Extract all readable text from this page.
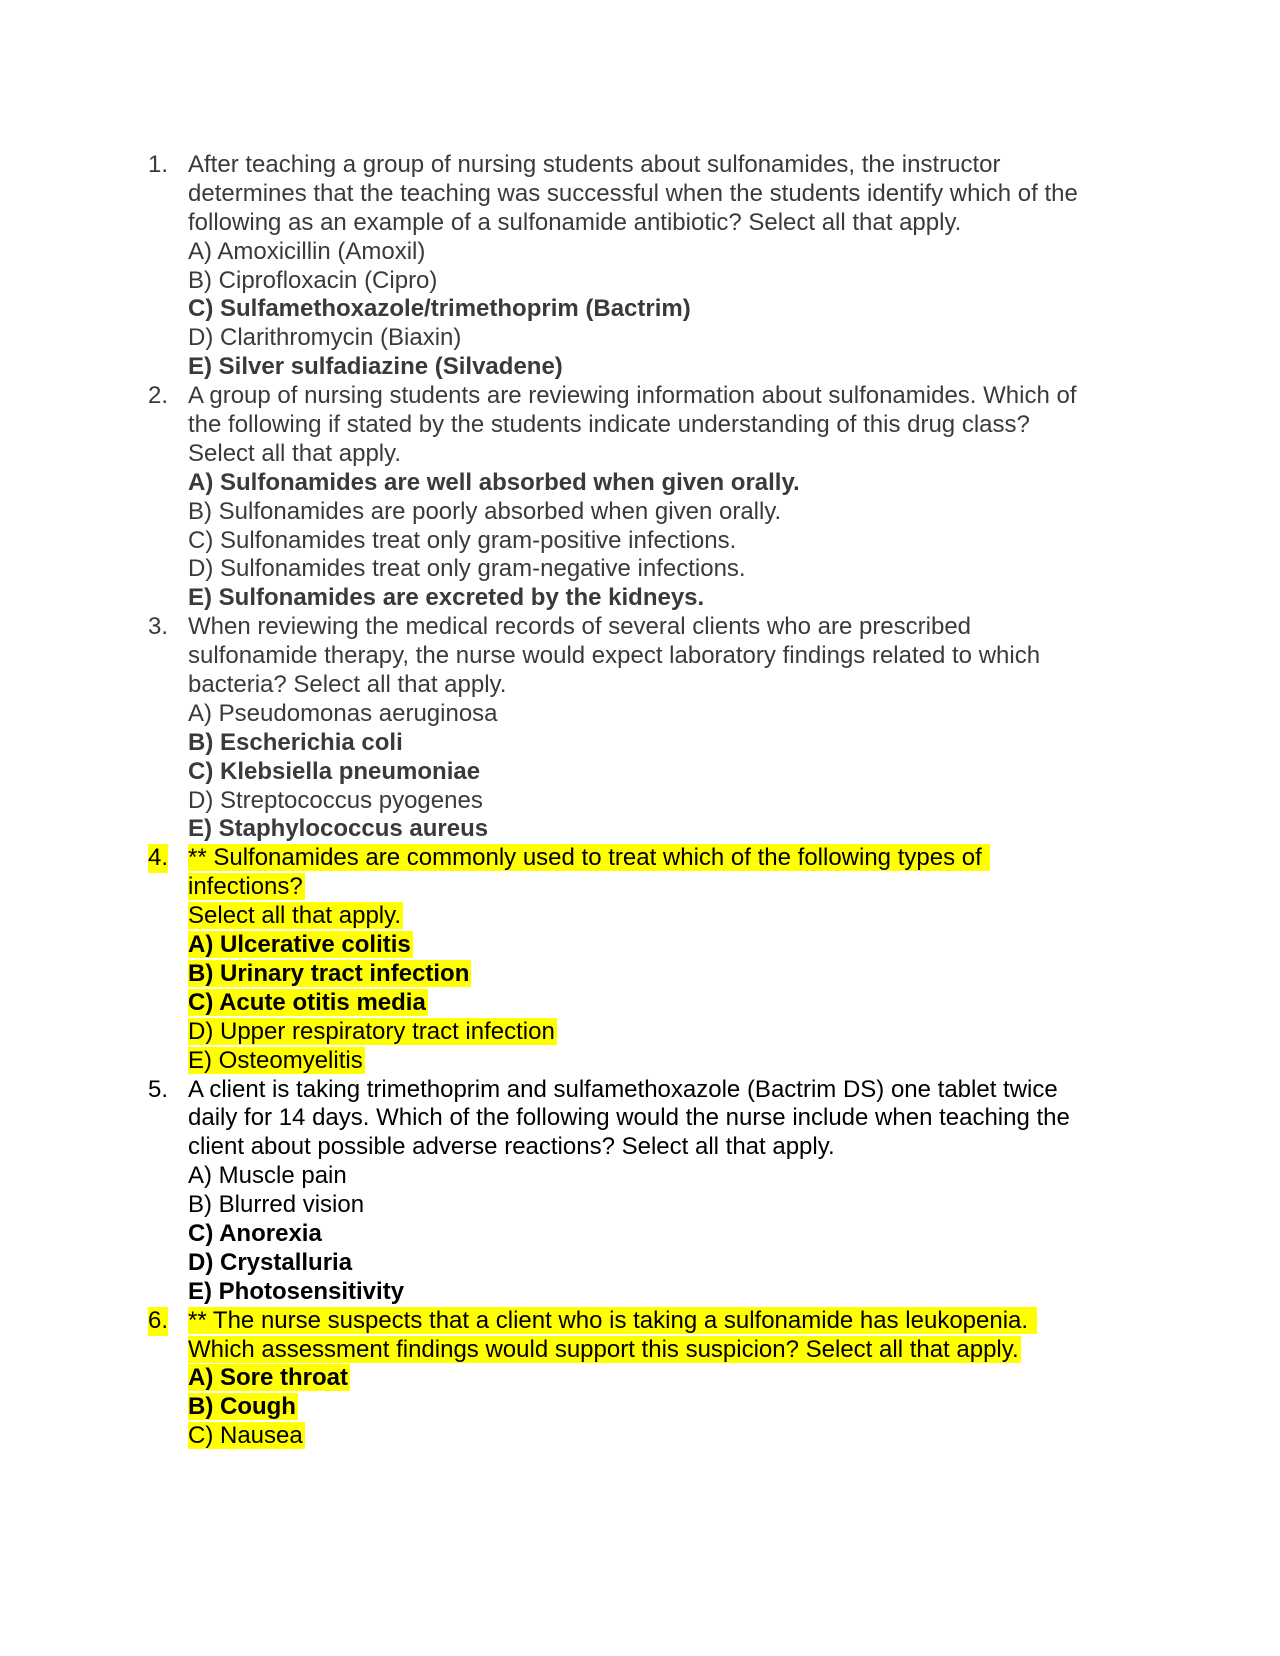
1. After teaching a group of nursing students about sulfonamides, the instructor
determines that the teaching was successful when the students identify which of the
following as an example of a sulfonamide antibiotic? Select all that apply.
A) Amoxicillin (Amoxil)
B) Ciprofloxacin (Cipro)
C) Sulfamethoxazole/trimethoprim (Bactrim)
D) Clarithromycin (Biaxin)
E) Silver sulfadiazine (Silvadene)
2. A group of nursing students are reviewing information about sulfonamides. Which of
the following if stated by the students indicate understanding of this drug class?
Select all that apply.
A) Sulfonamides are well absorbed when given orally.
B) Sulfonamides are poorly absorbed when given orally.
C) Sulfonamides treat only gram-positive infections.
D) Sulfonamides treat only gram-negative infections.
E) Sulfonamides are excreted by the kidneys.
3. When reviewing the medical records of several clients who are prescribed
sulfonamide therapy, the nurse would expect laboratory findings related to which
bacteria? Select all that apply.
A) Pseudomonas aeruginosa
B) Escherichia coli
C) Klebsiella pneumoniae
D) Streptococcus pyogenes
E) Staphylococcus aureus
4. ** Sulfonamides are commonly used to treat which of the following types of
infections?
Select all that apply.
A) Ulcerative colitis
B) Urinary tract infection
C) Acute otitis media
D) Upper respiratory tract infection
E) Osteomyelitis
5. A client is taking trimethoprim and sulfamethoxazole (Bactrim DS) one tablet twice
daily for 14 days. Which of the following would the nurse include when teaching the
client about possible adverse reactions? Select all that apply.
A) Muscle pain
B) Blurred vision
C) Anorexia
D) Crystalluria
E) Photosensitivity
6. ** The nurse suspects that a client who is taking a sulfonamide has leukopenia.
Which assessment findings would support this suspicion? Select all that apply.
A) Sore throat
B) Cough
C) Nausea
